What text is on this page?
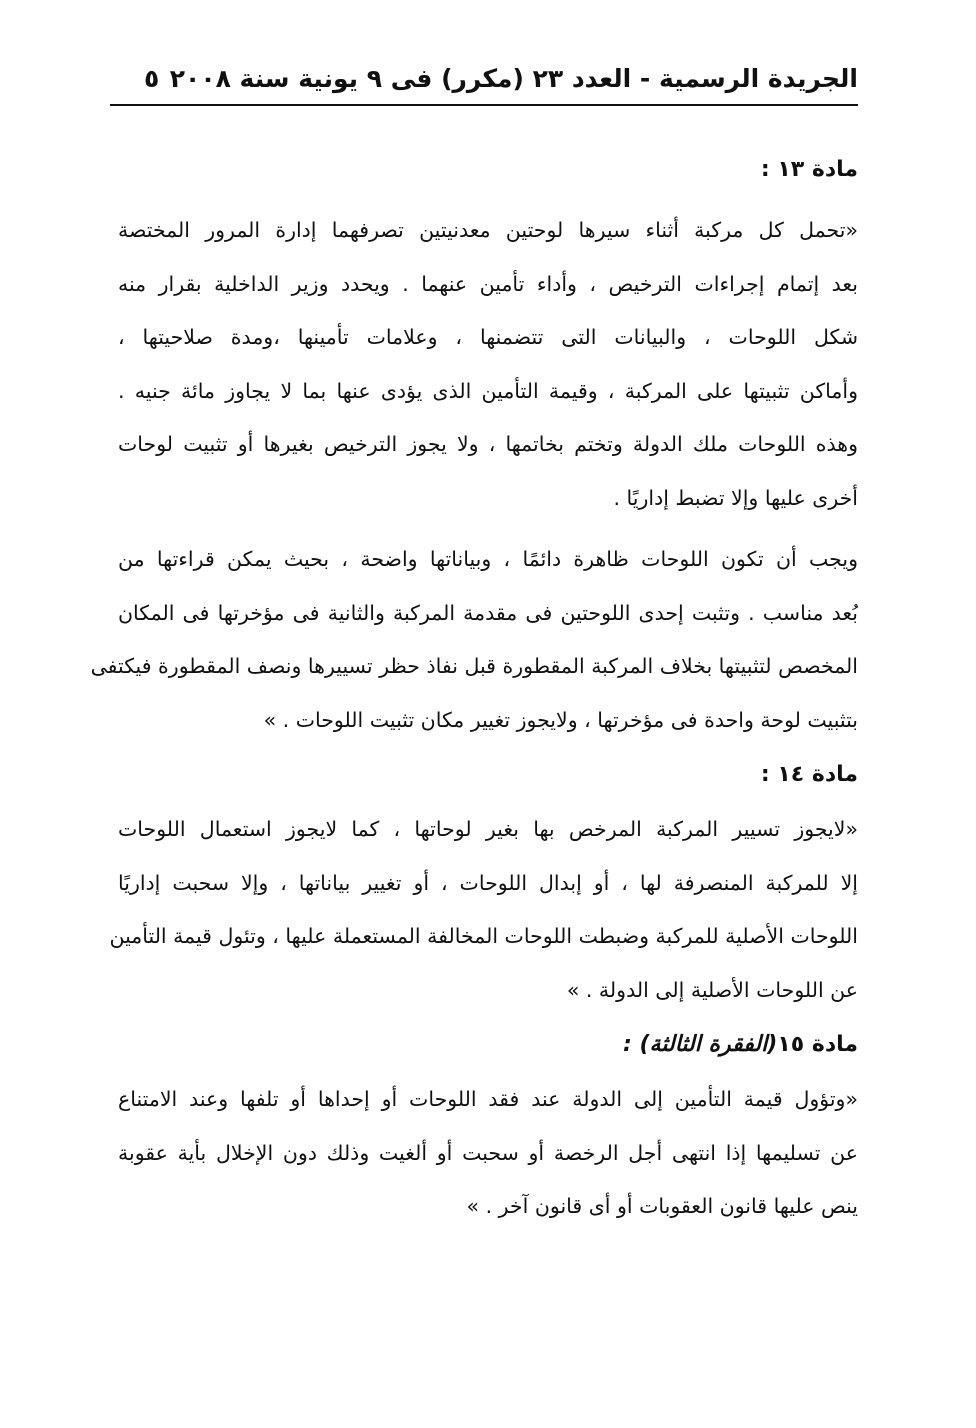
الجريدة الرسمية - العدد ٢٣ (مكرر) فى ٩ يونية سنة ٢٠٠٨
٥
مادة ١٣ :
«تحمل كل مركبة أثناء سيرها لوحتين معدنيتين تصرفهما إدارة المرور المختصة
بعد إتمام إجراءات الترخيص ، وأداء تأمين عنهما . ويحدد وزير الداخلية بقرار منه
شكل اللوحات ، والبيانات التى تتضمنها ، وعلامات تأمينها ،ومدة صلاحيتها ،
وأماكن تثبيتها على المركبة ، وقيمة التأمين الذى يؤدى عنها بما لا يجاوز مائة جنيه .
وهذه اللوحات ملك الدولة وتختم بخاتمها ، ولا يجوز الترخيص بغيرها أو تثبيت لوحات
أخرى عليها وإلا تضبط إداريًا .
ويجب أن تكون اللوحات ظاهرة دائمًا ، وبياناتها واضحة ، بحيث يمكن قراءتها من
بُعد مناسب . وتثبت إحدى اللوحتين فى مقدمة المركبة والثانية فى مؤخرتها فى المكان
المخصص لتثبيتها بخلاف المركبة المقطورة قبل نفاذ حظر تسييرها ونصف المقطورة فيكتفى
بتثبيت لوحة واحدة فى مؤخرتها ، ولايجوز تغيير مكان تثبيت اللوحات . »
مادة ١٤ :
«لايجوز تسيير المركبة المرخص بها بغير لوحاتها ، كما لايجوز استعمال اللوحات
إلا للمركبة المنصرفة لها ، أو إبدال اللوحات ، أو تغيير بياناتها ، وإلا سحبت إداريًا
اللوحات الأصلية للمركبة وضبطت اللوحات المخالفة المستعملة عليها ، وتئول قيمة التأمين
عن اللوحات الأصلية إلى الدولة . »
مادة ١٥(الفقرة الثالثة) :
«وتؤول قيمة التأمين إلى الدولة عند فقد اللوحات أو إحداها أو تلفها وعند الامتناع
عن تسليمها إذا انتهى أجل الرخصة أو سحبت أو ألغيت وذلك دون الإخلال بأية عقوبة
ينص عليها قانون العقوبات أو أى قانون آخر . »
